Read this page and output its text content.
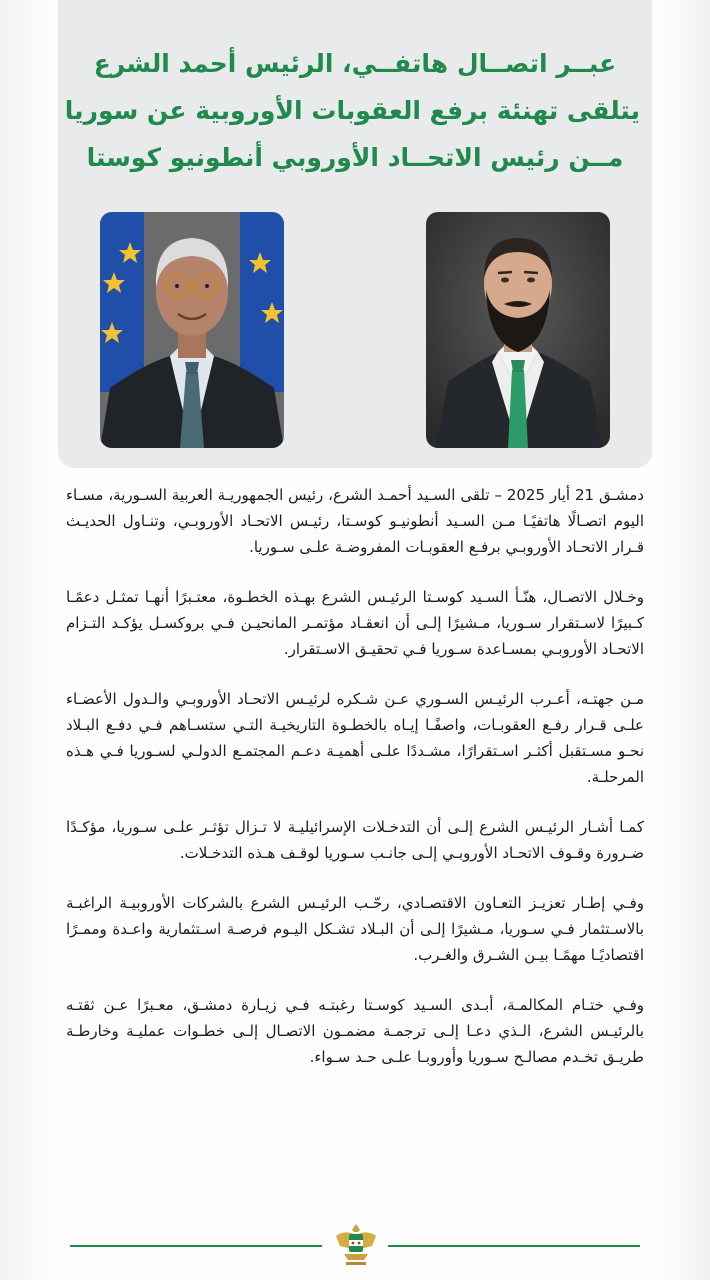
عبــر اتصــال هاتفــي، الرئيس أحمد الشرع
يتلقى تهنئة برفع العقوبات الأوروبية عن سوريا
مــن رئيس الاتحــاد الأوروبي أنطونيو كوستا

دمشـق 21 أيار 2025 – تلقى السـيد أحمـد الشرع، رئيس الجمهوريـة العربية السـورية، مسـاء اليوم اتصـالًا هاتفيًـا مـن السـيد أنطونيـو كوسـتا، رئيـس الاتحـاد الأوروبـي، وتنـاول الحديـث قـرار الاتحـاد الأوروبـي برفـع العقوبـات المفروضـة علـى سـوريا.

وخـلال الاتصـال، هنّـأ السـيد كوسـتا الرئيـس الشرع بهـذه الخطـوة، معتـبرًا أنهـا تمثـل دعمًـا كـبيرًا لاسـتقرار سـوريا، مـشيرًا إلـى أن انعقـاد مؤتمـر المانحيـن فـي بروكسـل يؤكـد التـزام الاتحـاد الأوروبـي بمسـاعدة سـوريا فـي تحقيـق الاسـتقرار.

مـن جهتـه، أعـرب الرئيـس السـوري عـن شـكره لرئيـس الاتحـاد الأوروبـي والـدول الأعضـاء علـى قـرار رفـع العقوبـات، واصفًـا إيـاه بالخطـوة التاريخيـة التـي ستسـاهم فـي دفـع البـلاد نحـو مسـتقبل أكثـر اسـتقرارًا، مشـددًا علـى أهميـة دعـم المجتمـع الدولـي لسـوريا فـي هـذه المرحلـة.

كمـا أشـار الرئيـس الشرع إلـى أن التدخـلات الإسرائيليـة لا تـزال تؤثـر علـى سـوريا، مؤكـدًا ضـرورة وقـوف الاتحـاد الأوروبـي إلـى جانـب سـوريا لوقـف هـذه التدخـلات.

وفـي إطـار تعزيـز التعـاون الاقتصـادي، رحّـب الرئيـس الشرع بالشركات الأوروبيـة الراغبـة بالاسـتثمار فـي سـوريا، مـشيرًا إلـى أن البـلاد تشـكل اليـوم فرصـة اسـتثمارية واعـدة وممـرًا اقتصاديًـا مهمًـا بيـن الشـرق والغـرب.

وفـي ختـام المكالمـة، أبـدى السـيد كوسـتا رغبتـه فـي زيـارة دمشـق، معـبرًا عـن ثقتـه بالرئيـس الشرع، الـذي دعـا إلـى ترجمـة مضمـون الاتصـال إلـى خطـوات عمليـة وخارطـة طريـق تخـدم مصالـح سـوريا وأوروبـا علـى حـد سـواء.
